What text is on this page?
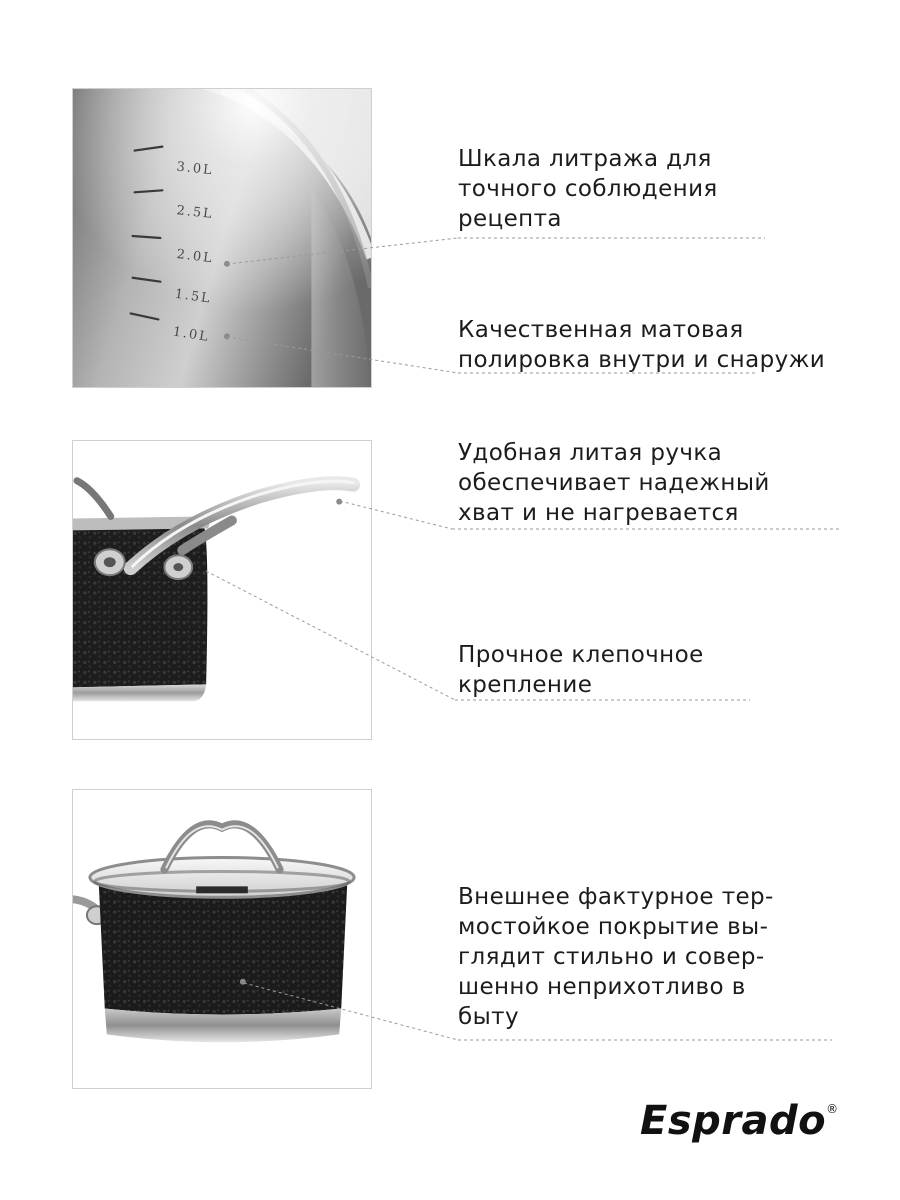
3.0L
2.5L
2.0L
1.5L
1.0L
Шкала литража для
точного соблюдения
рецепта
Качественная матовая
полировка внутри и снаружи
Удобная литая ручка
обеспечивает надежный
хват и не нагревается
Прочное клепочное
крепление
Внешнее фактурное тер-
мостойкое покрытие вы-
глядит стильно и совер-
шенно неприхотливо в
быту
Esprado®
